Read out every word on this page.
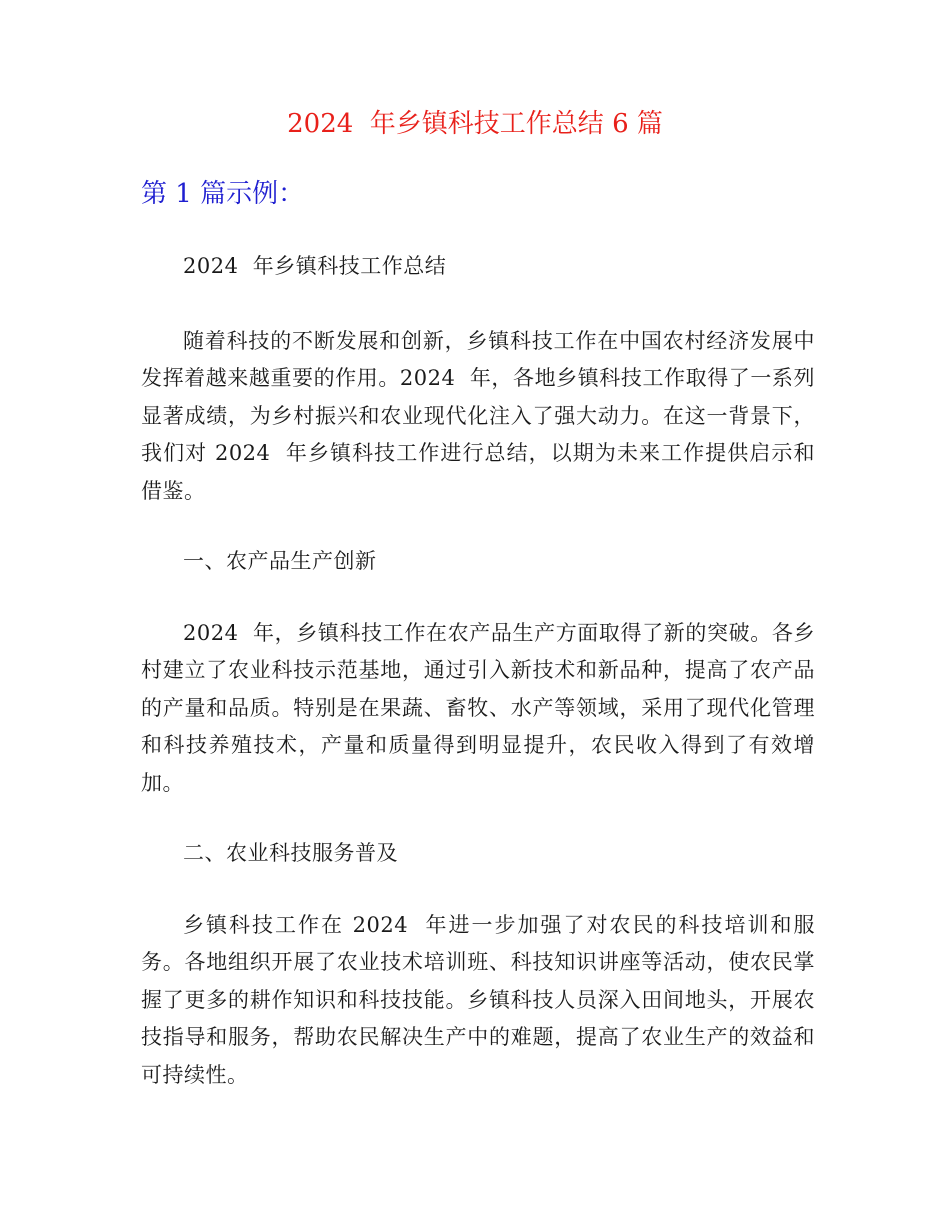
2024  年乡镇科技工作总结 6 篇
第 1 篇示例：

2024  年乡镇科技工作总结

随着科技的不断发展和创新，乡镇科技工作在中国农村经济发展中发挥着越来越重要的作用。2024  年，各地乡镇科技工作取得了一系列显著成绩，为乡村振兴和农业现代化注入了强大动力。在这一背景下，我们对 2024  年乡镇科技工作进行总结，以期为未来工作提供启示和借鉴。

一、农产品生产创新

2024  年，乡镇科技工作在农产品生产方面取得了新的突破。各乡村建立了农业科技示范基地，通过引入新技术和新品种，提高了农产品的产量和品质。特别是在果蔬、畜牧、水产等领域，采用了现代化管理和科技养殖技术，产量和质量得到明显提升，农民收入得到了有效增加。

二、农业科技服务普及

乡镇科技工作在 2024  年进一步加强了对农民的科技培训和服务。各地组织开展了农业技术培训班、科技知识讲座等活动，使农民掌握了更多的耕作知识和科技技能。乡镇科技人员深入田间地头，开展农技指导和服务，帮助农民解决生产中的难题，提高了农业生产的效益和可持续性。
